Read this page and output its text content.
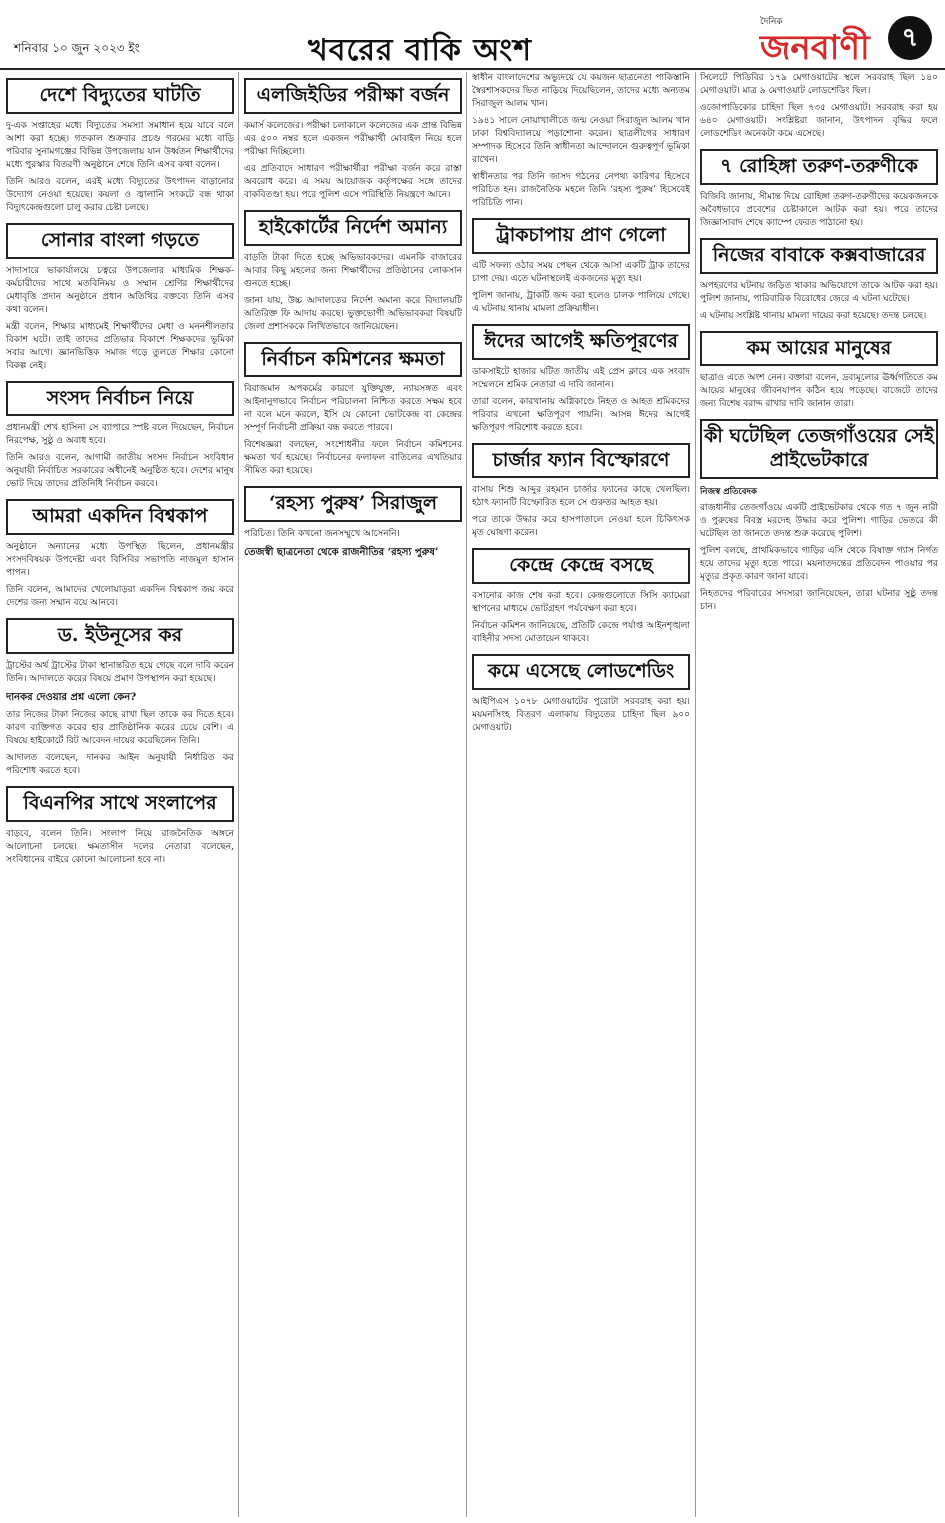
শনিবার ১০ জুন ২০২৩ ইং	খবরের বাকি অংশ
দৈনিক
জনবাণী	৭
দেশে বিদ্যুতের ঘাটতি

দু-এক সপ্তাহের মধ্যে বিদ্যুতের সমস্যা সমাধান হয়ে যাবে বলে আশা করা হচ্ছে। গতকাল শুক্রবার প্রচণ্ড গরমের মধ্যে বাড়ি পরিবার সুনামগঞ্জের বিভিন্ন উপজেলায় যান উর্ধ্বতন শিক্ষার্থীদের মধ্যে পুরস্কার বিতরণী অনুষ্ঠানে শেষে তিনি এসব কথা বলেন।

তিনি আরও বলেন, এরই মধ্যে বিদ্যুতের উৎপাদন বাড়ানোর উদ্যোগ নেওয়া হয়েছে। কয়লা ও জ্বালানি সংকটে বন্ধ থাকা বিদ্যুৎকেন্দ্রগুলো চালু করার চেষ্টা চলছে।

সোনার বাংলা গড়তে

সাদাসারে ভাকার্যালয়ে চত্বরে উপজেলার মাধ্যমিক শিক্ষক-কর্মচারীদের সাথে মতবিনিময় ও সম্মান শ্রেণির শিক্ষার্থীদের মেধাবৃত্তি প্রদান অনুষ্ঠানে প্রধান অতিথির বক্তব্যে তিনি এসব কথা বলেন।

মন্ত্রী বলেন, শিক্ষার মাধ্যমেই শিক্ষার্থীদের মেধা ও মননশীলতার বিকাশ ঘটে। তাই তাদের প্রতিভার বিকাশে শিক্ষকদের ভূমিকা সবার আগে। জ্ঞানভিত্তিক সমাজ গড়ে তুলতে শিক্ষার কোনো বিকল্প নেই।

সংসদ নির্বাচন নিয়ে

প্রধানমন্ত্রী শেখ হাসিনা সে ব্যাপারে স্পষ্ট বলে দিয়েছেন, নির্বাচন নিরপেক্ষ, সুষ্ঠু ও অবাধ হবে।

তিনি আরও বলেন, আগামী জাতীয় সংসদ নির্বাচন সংবিধান অনুযায়ী নির্বাচিত সরকারের অধীনেই অনুষ্ঠিত হবে। দেশের মানুষ ভোট দিয়ে তাদের প্রতিনিধি নির্বাচন করবে।

আমরা একদিন বিশ্বকাপ

অনুষ্ঠানে অন্যানের মধ্যে উপস্থিত ছিলেন, প্রধানমন্ত্রীর সংসদবিষয়ক উপদেষ্টা এবং বিসিবির সভাপতি নাজমুল হাসান পাপন।

তিনি বলেন, আমাদের খেলোয়াড়রা একদিন বিশ্বকাপ জয় করে দেশের জন্য সম্মান বয়ে আনবে।

ড. ইউনূসের কর

ট্রাস্টের অর্থ ট্রাস্টের টাকা স্থানান্তরিত হয়ে গেছে বলে দাবি করেন তিনি। আদালতে করের বিষয়ে প্রমাণ উপস্থাপন করা হয়েছে।

দানকর দেওয়ার প্রশ্ন এলো কেন?

তার নিজের টাকা নিজের কাছে রাখা ছিল তাকে কর দিতে হবে। কারণ ব্যক্তিগত করের হার প্রাতিষ্ঠানিক করের চেয়ে বেশি। এ বিষয়ে হাইকোর্টে রিট আবেদন দায়ের করেছিলেন তিনি।

আদালত বলেছেন, দানকর আইন অনুযায়ী নির্ধারিত কর পরিশোধ করতে হবে।

বিএনপির সাথে সংলাপের

বাড়বে, বলেন তিনি। সংলাপ নিয়ে রাজনৈতিক অঙ্গনে আলোচনা চলছে। ক্ষমতাসীন দলের নেতারা বলেছেন, সংবিধানের বাইরে কোনো আলোচনা হবে না।

এলজিইডির পরীক্ষা বর্জন

কমার্স কলেজের। পরীক্ষা চলাকালে কলেজের এক প্রান্ত বিভিন্ন এর ৫০০ নম্বর হলে একজন পরীক্ষার্থী মোবাইল নিয়ে হলে পরীক্ষা দিচ্ছিলো।

এর প্রতিবাদে সাধারণ পরীক্ষার্থীরা পরীক্ষা বর্জন করে রাস্তা অবরোধ করে। এ সময় আয়োজক কর্তৃপক্ষের সঙ্গে তাদের বাকবিতণ্ডা হয়। পরে পুলিশ এসে পরিস্থিতি নিয়ন্ত্রণে আনে।

হাইকোর্টের নির্দেশ অমান্য

বাড়তি টাকা দিতে হচ্ছে অভিভাবকদের। এমনকি বাজারের আবার কিছু মহলের জন্য শিক্ষার্থীদের প্রতিষ্ঠানের লোকসান গুনতে হচ্ছে।

জানা যায়, উচ্চ আদালতের নির্দেশ অমান্য করে বিদ্যালয়টি অতিরিক্ত ফি আদায় করছে। ভুক্তভোগী অভিভাবকরা বিষয়টি জেলা প্রশাসককে লিখিতভাবে জানিয়েছেন।

নির্বাচন কমিশনের ক্ষমতা

বিরাজমান অপকর্মের কারণে যুক্তিযুক্ত, ন্যায়সঙ্গত এবং আইনানুগভাবে নির্বাচন পরিচালনা নিশ্চিত করতে সক্ষম হবে না বলে মনে করলে, ইসি যে কোনো ভোটকেন্দ্র বা কেন্দ্রের সম্পূর্ণ নির্বাচনী প্রক্রিয়া বন্ধ করতে পারবে।

বিশেষজ্ঞরা বলছেন, সংশোধনীর ফলে নির্বাচন কমিশনের ক্ষমতা খর্ব হয়েছে। নির্বাচনের ফলাফল বাতিলের এখতিয়ার সীমিত করা হয়েছে।

‘রহস্য পুরুষ’ সিরাজুল

পরিচিত। তিনি কখনো জনসম্মুখে আসেননি।

তেজস্বী ছাত্রনেতা থেকে রাজনীতির ‘রহস্য পুরুষ’

স্বাধীন বাংলাদেশের অভ্যুদয়ে যে কয়জন ছাত্রনেতা পাকিস্তানি স্বৈরশাসকদের ভিত নাড়িয়ে দিয়েছিলেন, তাদের মধ্যে অন্যতম সিরাজুল আলম খান।

১৯৪১ সালে নোয়াখালীতে জন্ম নেওয়া সিরাজুল আলম খান ঢাকা বিশ্ববিদ্যালয়ে পড়াশোনা করেন। ছাত্রলীগের সাধারণ সম্পাদক হিসেবে তিনি স্বাধীনতা আন্দোলনে গুরুত্বপূর্ণ ভূমিকা রাখেন।

স্বাধীনতার পর তিনি জাসদ গঠনের নেপথ্য কারিগর হিসেবে পরিচিত হন। রাজনৈতিক মহলে তিনি ‘রহস্য পুরুষ’ হিসেবেই পরিচিতি পান।

ট্রাকচাপায় প্রাণ গেলো

এটি সফল্য ওঠার সময় পেছন থেকে আসা একটি ট্রাক তাদের চাপা দেয়। এতে ঘটনাস্থলেই একজনের মৃত্যু হয়।

পুলিশ জানায়, ট্রাকটি জব্দ করা হলেও চালক পালিয়ে গেছে। এ ঘটনায় থানায় মামলা প্রক্রিয়াধীন।

ঈদের আগেই ক্ষতিপূরণের

ডাকসাইটে হাজার ঘটিত জাতীয় এই প্রেস ক্লাবে এক সংবাদ সম্মেলনে শ্রমিক নেতারা এ দাবি জানান।

তারা বলেন, কারখানায় অগ্নিকাণ্ডে নিহত ও আহত শ্রমিকদের পরিবার এখনো ক্ষতিপূরণ পায়নি। আসন্ন ঈদের আগেই ক্ষতিপূরণ পরিশোধ করতে হবে।

চার্জার ফ্যান বিস্ফোরণে

বাসায় শিশু আব্দুর রহমান চার্জার ফ্যানের কাছে খেলছিল। হঠাৎ ফ্যানটি বিস্ফোরিত হলে সে গুরুতর আহত হয়।

পরে তাকে উদ্ধার করে হাসপাতালে নেওয়া হলে চিকিৎসক মৃত ঘোষণা করেন।

কেন্দ্রে কেন্দ্রে বসছে

বসানোর কাজ শেষ করা হবে। কেন্দ্রগুলোতে সিসি ক্যামেরা স্থাপনের মাধ্যমে ভোটগ্রহণ পর্যবেক্ষণ করা হবে।

নির্বাচন কমিশন জানিয়েছে, প্রতিটি কেন্দ্রে পর্যাপ্ত আইনশৃঙ্খলা বাহিনীর সদস্য মোতায়েন থাকবে।

কমে এসেছে লোডশেডিং

আইপিএস ১০৭৮ মেগাওয়াটের পুরোটা সরবরাহ করা হয়। ময়মনসিংহ বিতরণ এলাকায় বিদ্যুতের চাহিদা ছিল ৯০০ মেগাওয়াট।

সিলেটে পিডিবির ১৭৯ মেগাওয়াটের স্থলে সরবরাহ ছিল ১৪০ মেগাওয়াট। মাত্র ৯ মেগাওয়াট লোডশেডিং ছিল।

ওজোপাডিকোর চাহিদা ছিল ৭৩৫ মেগাওয়াট। সরবরাহ করা হয় ৬৪০ মেগাওয়াট। সংশ্লিষ্টরা জানান, উৎপাদন বৃদ্ধির ফলে লোডশেডিং অনেকটা কমে এসেছে।

৭ রোহিঙ্গা তরুণ-তরুণীকে

বিজিবি জানায়, সীমান্ত দিয়ে রোহিঙ্গা তরুণ-তরুণীদের কয়েকজনকে অবৈধভাবে প্রবেশের চেষ্টাকালে আটক করা হয়। পরে তাদের জিজ্ঞাসাবাদ শেষে ক্যাম্পে ফেরত পাঠানো হয়।

নিজের বাবাকে কক্সবাজারের

অপহরণের ঘটনায় জড়িত থাকার অভিযোগে তাকে আটক করা হয়। পুলিশ জানায়, পারিবারিক বিরোধের জেরে এ ঘটনা ঘটেছে।

এ ঘটনায় সংশ্লিষ্ট থানায় মামলা দায়ের করা হয়েছে। তদন্ত চলছে।

কম আয়ের মানুষের

ছাত্রাও এতে অংশ নেন। বক্তারা বলেন, দ্রব্যমূল্যের ঊর্ধ্বগতিতে কম আয়ের মানুষের জীবনযাপন কঠিন হয়ে পড়েছে। বাজেটে তাদের জন্য বিশেষ বরাদ্দ রাখার দাবি জানান তারা।

কী ঘটেছিল তেজগাঁওয়ের সেই প্রাইভেটকারে
নিজস্ব প্রতিবেদক

রাজধানীর তেজগাঁওয়ে একটি প্রাইভেটকার থেকে গত ৭ জুন নারী ও পুরুষের বিবস্ত্র মরদেহ উদ্ধার করে পুলিশ। গাড়ির ভেতরে কী ঘটেছিল তা জানতে তদন্ত শুরু করেছে পুলিশ।

পুলিশ বলছে, প্রাথমিকভাবে গাড়ির এসি থেকে বিষাক্ত গ্যাস নির্গত হয়ে তাদের মৃত্যু হতে পারে। ময়নাতদন্তের প্রতিবেদন পাওয়ার পর মৃত্যুর প্রকৃত কারণ জানা যাবে।

নিহতদের পরিবারের সদস্যরা জানিয়েছেন, তারা ঘটনার সুষ্ঠু তদন্ত চান।
